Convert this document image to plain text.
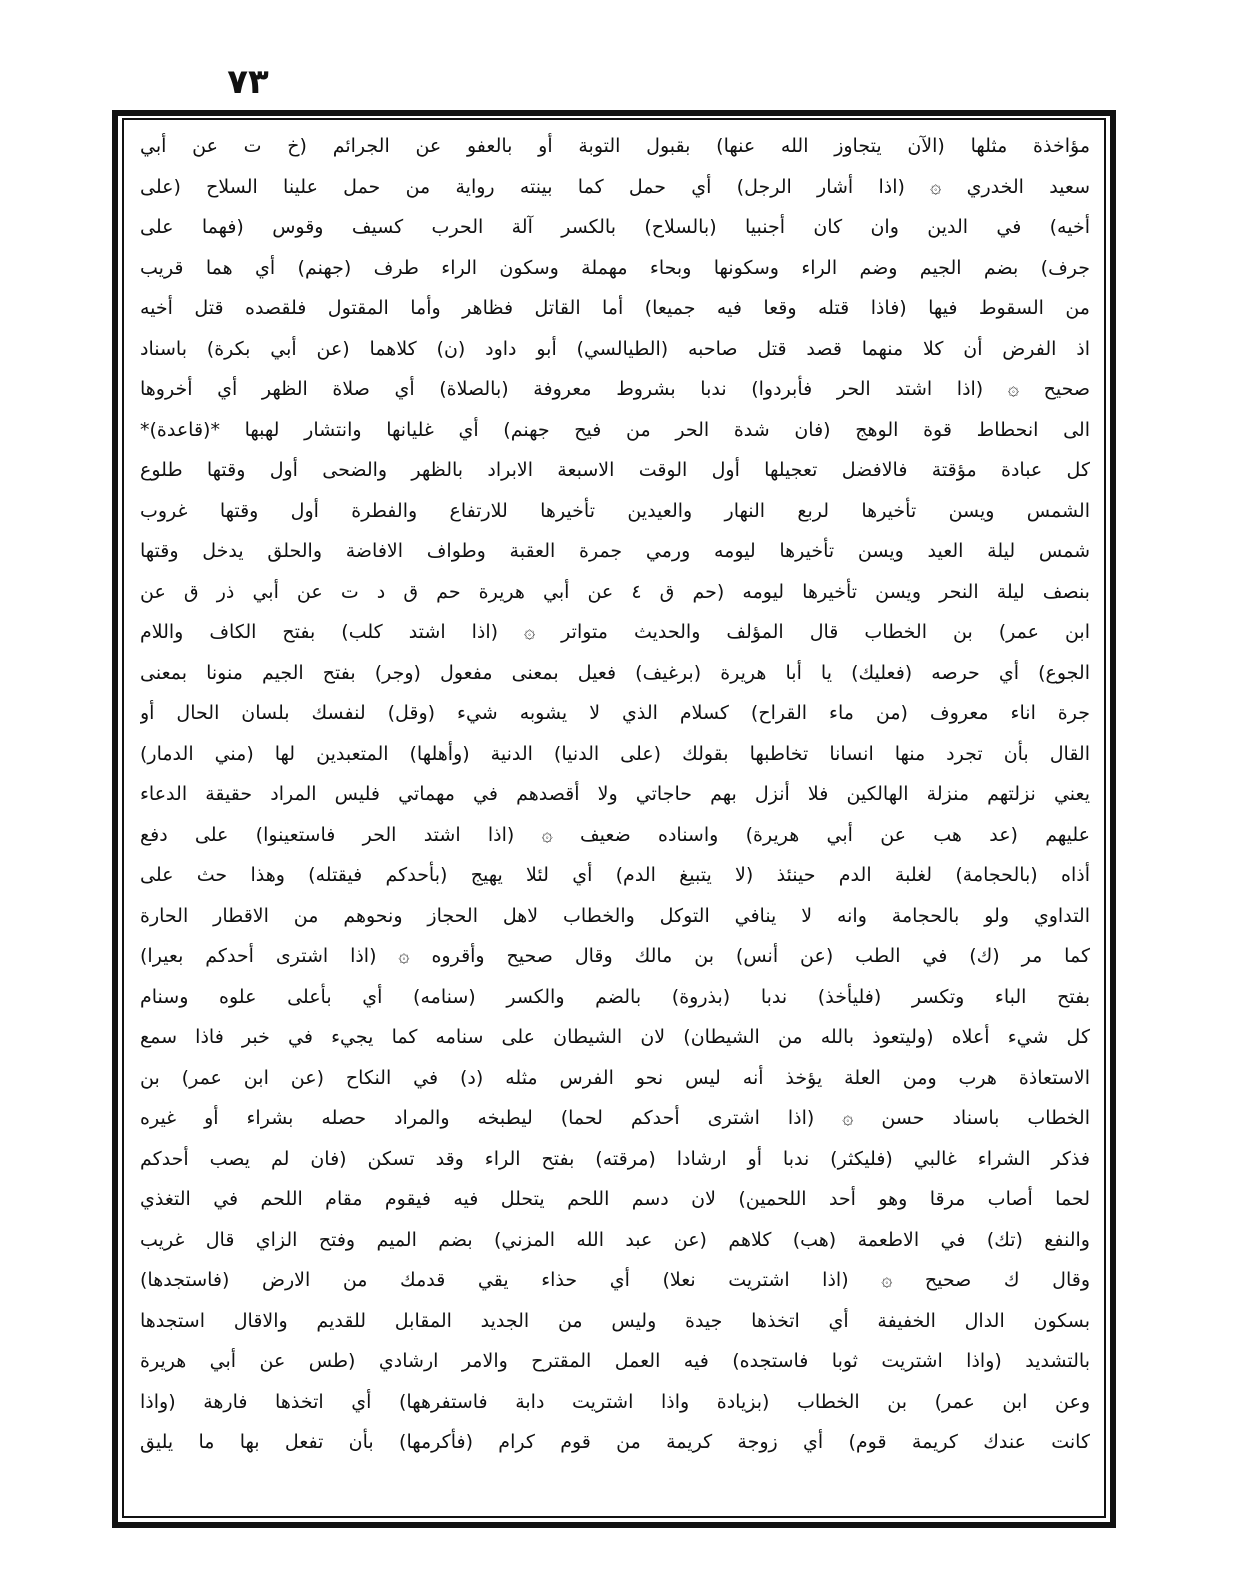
٧٣
مؤاخذة مثلها (الآن يتجاوز الله عنها) بقبول التوبة أو بالعفو عن الجرائم (خ ت عن أبي
سعيد الخدري ۞ (اذا أشار الرجل) أي حمل كما بينته رواية من حمل علينا السلاح (على
أخيه) في الدين وان كان أجنبيا (بالسلاح) بالكسر آلة الحرب كسيف وقوس (فهما على
جرف) بضم الجيم وضم الراء وسكونها وبحاء مهملة وسكون الراء طرف (جهنم) أي هما قريب
من السقوط فيها (فاذا قتله وقعا فيه جميعا) أما القاتل فظاهر وأما المقتول فلقصده قتل أخيه
اذ الفرض أن كلا منهما قصد قتل صاحبه (الطيالسي) أبو داود (ن) كلاهما (عن أبي بكرة) باسناد
صحيح ۞ (اذا اشتد الحر فأبردوا) ندبا بشروط معروفة (بالصلاة) أي صلاة الظهر أي أخروها
الى انحطاط قوة الوهج (فان شدة الحر من فيح جهنم) أي غليانها وانتشار لهبها *(قاعدة)*
كل عبادة مؤقتة فالافضل تعجيلها أول الوقت الاسبعة الابراد بالظهر والضحى أول وقتها طلوع
الشمس ويسن تأخيرها لربع النهار والعيدين تأخيرها للارتفاع والفطرة أول وقتها غروب
شمس ليلة العيد ويسن تأخيرها ليومه ورمي جمرة العقبة وطواف الافاضة والحلق يدخل وقتها
بنصف ليلة النحر ويسن تأخيرها ليومه (حم ق ٤ عن أبي هريرة حم ق د ت عن أبي ذر ق عن
ابن عمر) بن الخطاب قال المؤلف والحديث متواتر ۞ (اذا اشتد كلب) بفتح الكاف واللام
الجوع) أي حرصه (فعليك) يا أبا هريرة (برغيف) فعيل بمعنى مفعول (وجر) بفتح الجيم منونا بمعنى
جرة اناء معروف (من ماء القراح) كسلام الذي لا يشوبه شيء (وقل) لنفسك بلسان الحال أو
القال بأن تجرد منها انسانا تخاطبها بقولك (على الدنيا) الدنية (وأهلها) المتعبدين لها (مني الدمار)
يعني نزلتهم منزلة الهالكين فلا أنزل بهم حاجاتي ولا أقصدهم في مهماتي فليس المراد حقيقة الدعاء
عليهم (عد هب عن أبي هريرة) واسناده ضعيف ۞ (اذا اشتد الحر فاستعينوا) على دفع
أذاه (بالحجامة) لغلبة الدم حينئذ (لا يتبيغ الدم) أي لئلا يهيج (بأحدكم فيقتله) وهذا حث على
التداوي ولو بالحجامة وانه لا ينافي التوكل والخطاب لاهل الحجاز ونحوهم من الاقطار الحارة
كما مر (ك) في الطب (عن أنس) بن مالك وقال صحيح وأقروه ۞ (اذا اشترى أحدكم بعيرا)
بفتح الباء وتكسر (فليأخذ) ندبا (بذروة) بالضم والكسر (سنامه) أي بأعلى علوه وسنام
كل شيء أعلاه (وليتعوذ بالله من الشيطان) لان الشيطان على سنامه كما يجيء في خبر فاذا سمع
الاستعاذة هرب ومن العلة يؤخذ أنه ليس نحو الفرس مثله (د) في النكاح (عن ابن عمر) بن
الخطاب باسناد حسن ۞ (اذا اشترى أحدكم لحما) ليطبخه والمراد حصله بشراء أو غيره
فذكر الشراء غالبي (فليكثر) ندبا أو ارشادا (مرقته) بفتح الراء وقد تسكن (فان لم يصب أحدكم
لحما أصاب مرقا وهو أحد اللحمين) لان دسم اللحم يتحلل فيه فيقوم مقام اللحم في التغذي
والنفع (تك) في الاطعمة (هب) كلاهم (عن عبد الله المزني) بضم الميم وفتح الزاي قال غريب
وقال ك صحيح ۞ (اذا اشتريت نعلا) أي حذاء يقي قدمك من الارض (فاستجدها)
بسكون الدال الخفيفة أي اتخذها جيدة وليس من الجديد المقابل للقديم والاقال استجدها
بالتشديد (واذا اشتريت ثوبا فاستجده) فيه العمل المقترح والامر ارشادي (طس عن أبي هريرة
وعن ابن عمر) بن الخطاب (بزيادة واذا اشتريت دابة فاستفرهها) أي اتخذها فارهة (واذا
كانت عندك كريمة قوم) أي زوجة كريمة من قوم كرام (فأكرمها) بأن تفعل بها ما يليق
